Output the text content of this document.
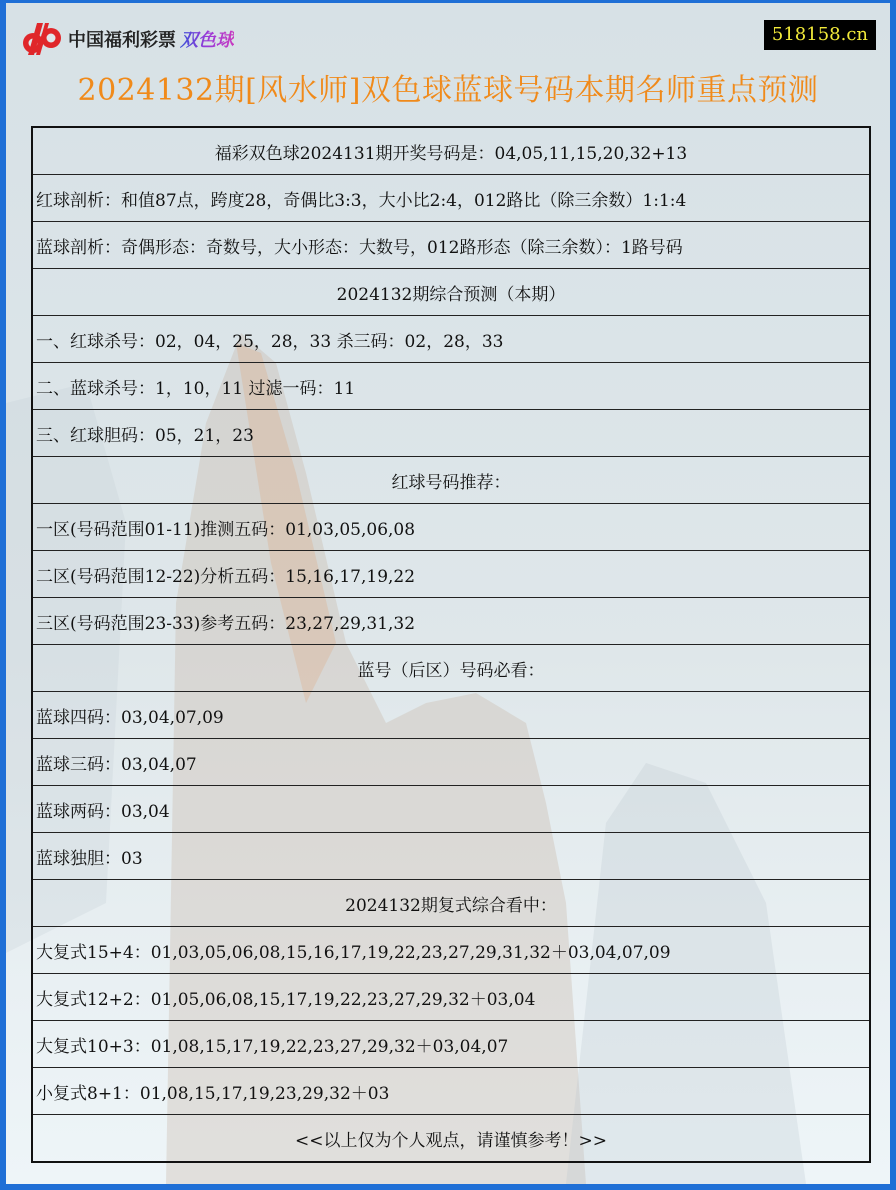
中国福利彩票 双色球	518158.cn
2024132期[风水师]双色球蓝球号码本期名师重点预测
福彩双色球2024131期开奖号码是：04,05,11,15,20,32+13
红球剖析：和值87点，跨度28，奇偶比3:3，大小比2:4，012路比（除三余数）1:1:4
蓝球剖析：奇偶形态：奇数号，大小形态：大数号，012路形态（除三余数）：1路号码
2024132期综合预测（本期）
一、红球杀号：02，04，25，28，33 杀三码：02，28，33
二、蓝球杀号：1，10，11 过滤一码：11
三、红球胆码：05，21，23
红球号码推荐：
一区(号码范围01-11)推测五码：01,03,05,06,08
二区(号码范围12-22)分析五码：15,16,17,19,22
三区(号码范围23-33)参考五码：23,27,29,31,32
蓝号（后区）号码必看：
蓝球四码：03,04,07,09
蓝球三码：03,04,07
蓝球两码：03,04
蓝球独胆：03
2024132期复式综合看中：
大复式15+4：01,03,05,06,08,15,16,17,19,22,23,27,29,31,32＋03,04,07,09
大复式12+2：01,05,06,08,15,17,19,22,23,27,29,32＋03,04
大复式10+3：01,08,15,17,19,22,23,27,29,32＋03,04,07
小复式8+1：01,08,15,17,19,23,29,32＋03
<<以上仅为个人观点，请谨慎参考！>>
